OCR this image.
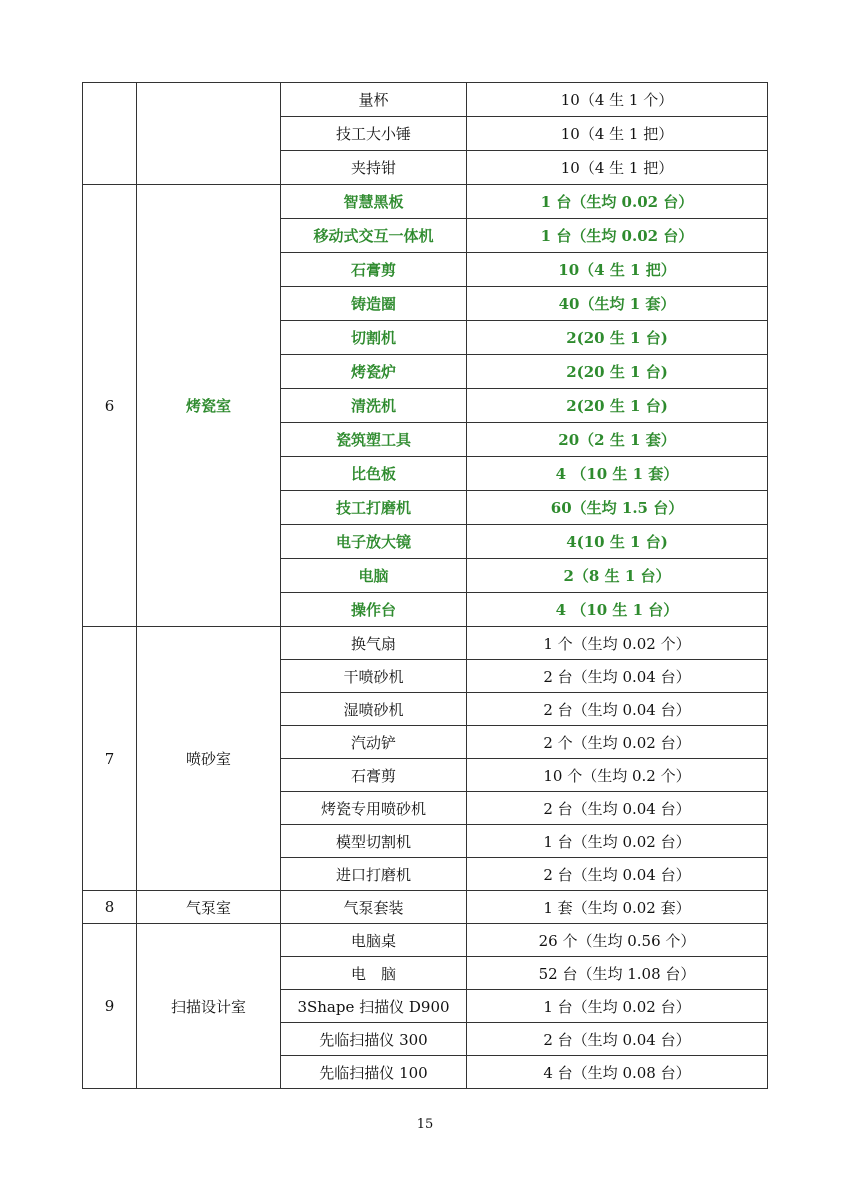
		量杯	10（4 生 1 个）
		技工大小锤	10（4 生 1 把）
		夹持钳	10（4 生 1 把）
6	烤瓷室	智慧黑板	1 台（生均 0.02 台）
		移动式交互一体机	1 台（生均 0.02 台）
		石膏剪	10（4 生 1 把）
		铸造圈	40（生均 1 套）
		切割机	2(20 生 1 台)
		烤瓷炉	2(20 生 1 台)
		清洗机	2(20 生 1 台)
		瓷筑塑工具	20（2 生 1 套）
		比色板	4 （10 生 1 套）
		技工打磨机	60（生均 1.5 台）
		电子放大镜	4(10 生 1 台)
		电脑	2（8 生 1 台）
		操作台	4 （10 生 1 台）
7	喷砂室	换气扇	1 个（生均 0.02 个）
		干喷砂机	2 台（生均 0.04 台）
		湿喷砂机	2 台（生均 0.04 台）
		汽动铲	2 个（生均 0.02 台）
		石膏剪	10 个（生均 0.2 个）
		烤瓷专用喷砂机	2 台（生均 0.04 台）
		模型切割机	1 台（生均 0.02 台）
		进口打磨机	2 台（生均 0.04 台）
8	气泵室	气泵套装	1 套（生均 0.02 套）
9	扫描设计室	电脑桌	26 个（生均 0.56 个）
		电　脑	52 台（生均 1.08 台）
		3Shape 扫描仪 D900	1 台（生均 0.02 台）
		先临扫描仪 300	2 台（生均 0.04 台）
		先临扫描仪 100	4 台（生均 0.08 台）
15
